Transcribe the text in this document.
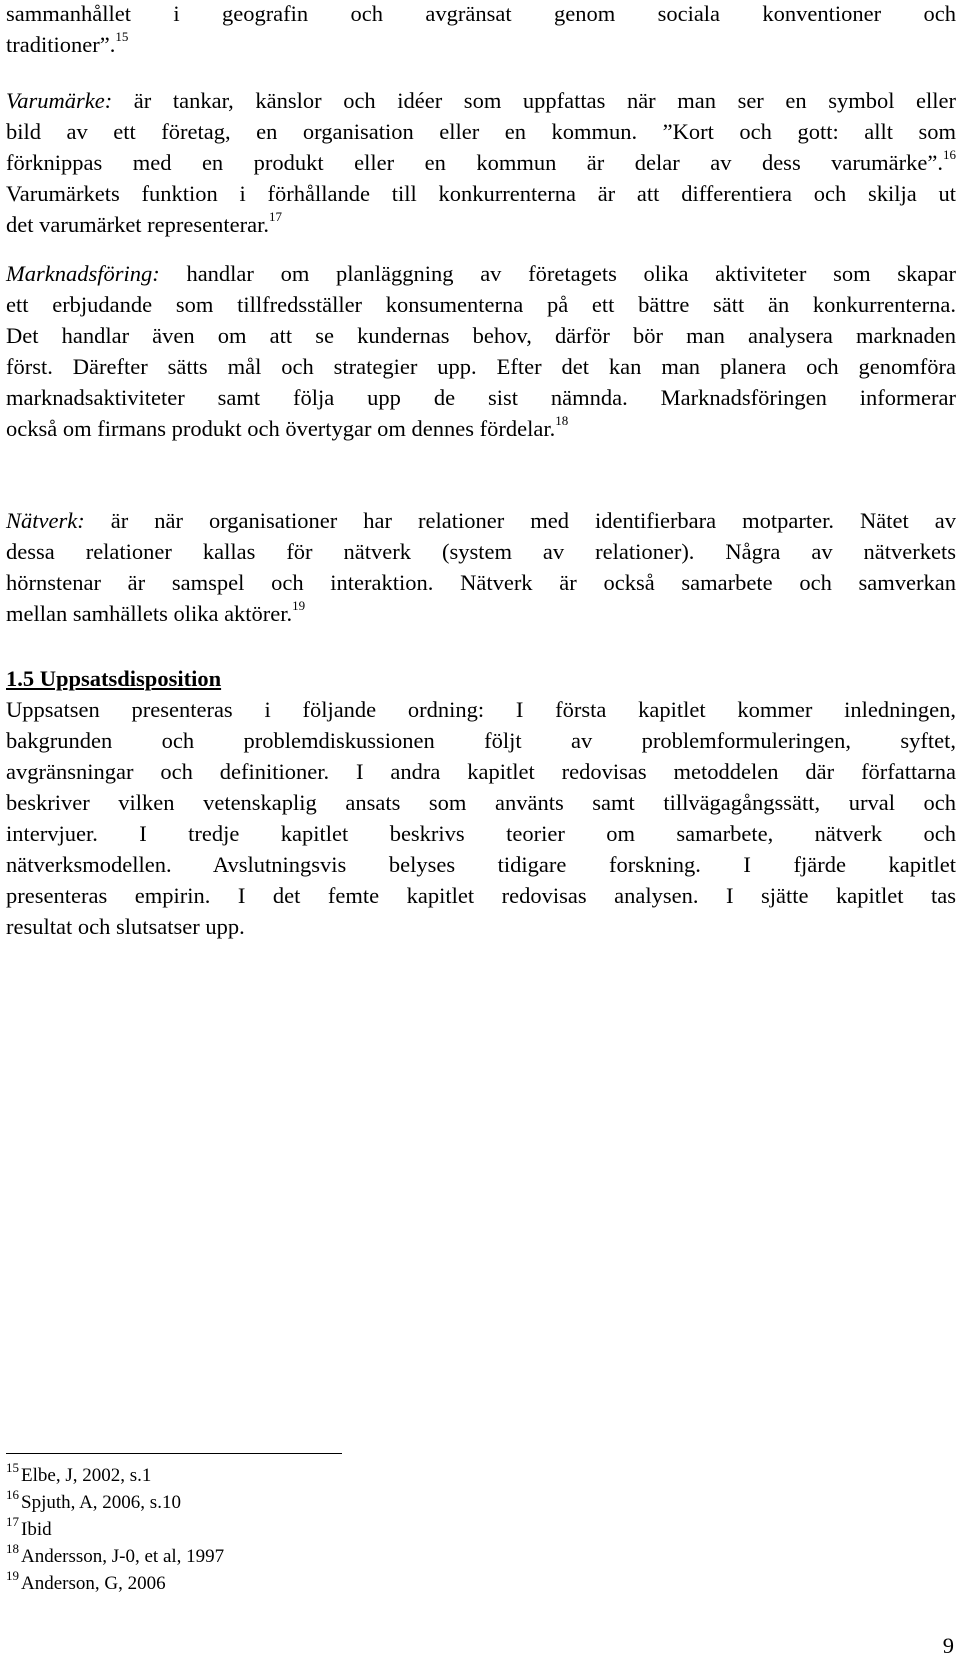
sammanhållet i geografin och avgränsat genom sociala konventioner och
traditioner”.$^{15}$
Varumärke: är tankar, känslor och idéer som uppfattas när man ser en symbol eller
bild av ett företag, en organisation eller en kommun. ”Kort och gott: allt som
förknippas med en produkt eller en kommun är delar av dess varumärke”.$^{16}$
Varumärkets funktion i förhållande till konkurrenterna är att differentiera och skilja ut
det varumärket representerar.$^{17}$
Marknadsföring: handlar om planläggning av företagets olika aktiviteter som skapar
ett erbjudande som tillfredsställer konsumenterna på ett bättre sätt än konkurrenterna.
Det handlar även om att se kundernas behov, därför bör man analysera marknaden
först. Därefter sätts mål och strategier upp. Efter det kan man planera och genomföra
marknadsaktiviteter samt följa upp de sist nämnda. Marknadsföringen informerar
också om firmans produkt och övertygar om dennes fördelar.$^{18}$
Nätverk: är när organisationer har relationer med identifierbara motparter. Nätet av
dessa relationer kallas för nätverk (system av relationer). Några av nätverkets
hörnstenar är samspel och interaktion. Nätverk är också samarbete och samverkan
mellan samhällets olika aktörer.$^{19}$
1.5 Uppsatsdisposition
Uppsatsen presenteras i följande ordning: I första kapitlet kommer inledningen,
bakgrunden och problemdiskussionen följt av problemformuleringen, syftet,
avgränsningar och definitioner. I andra kapitlet redovisas metoddelen där författarna
beskriver vilken vetenskaplig ansats som använts samt tillvägagångssätt, urval och
intervjuer. I tredje kapitlet beskrivs teorier om samarbete, nätverk och
nätverksmodellen. Avslutningsvis belyses tidigare forskning. I fjärde kapitlet
presenteras empirin. I det femte kapitlet redovisas analysen. I sjätte kapitlet tas
resultat och slutsatser upp.
$^{15}$ Elbe, J, 2002, s.1
$^{16}$ Spjuth, A, 2006, s.10
$^{17}$ Ibid
$^{18}$ Andersson, J-0, et al, 1997
$^{19}$ Anderson, G, 2006
9
